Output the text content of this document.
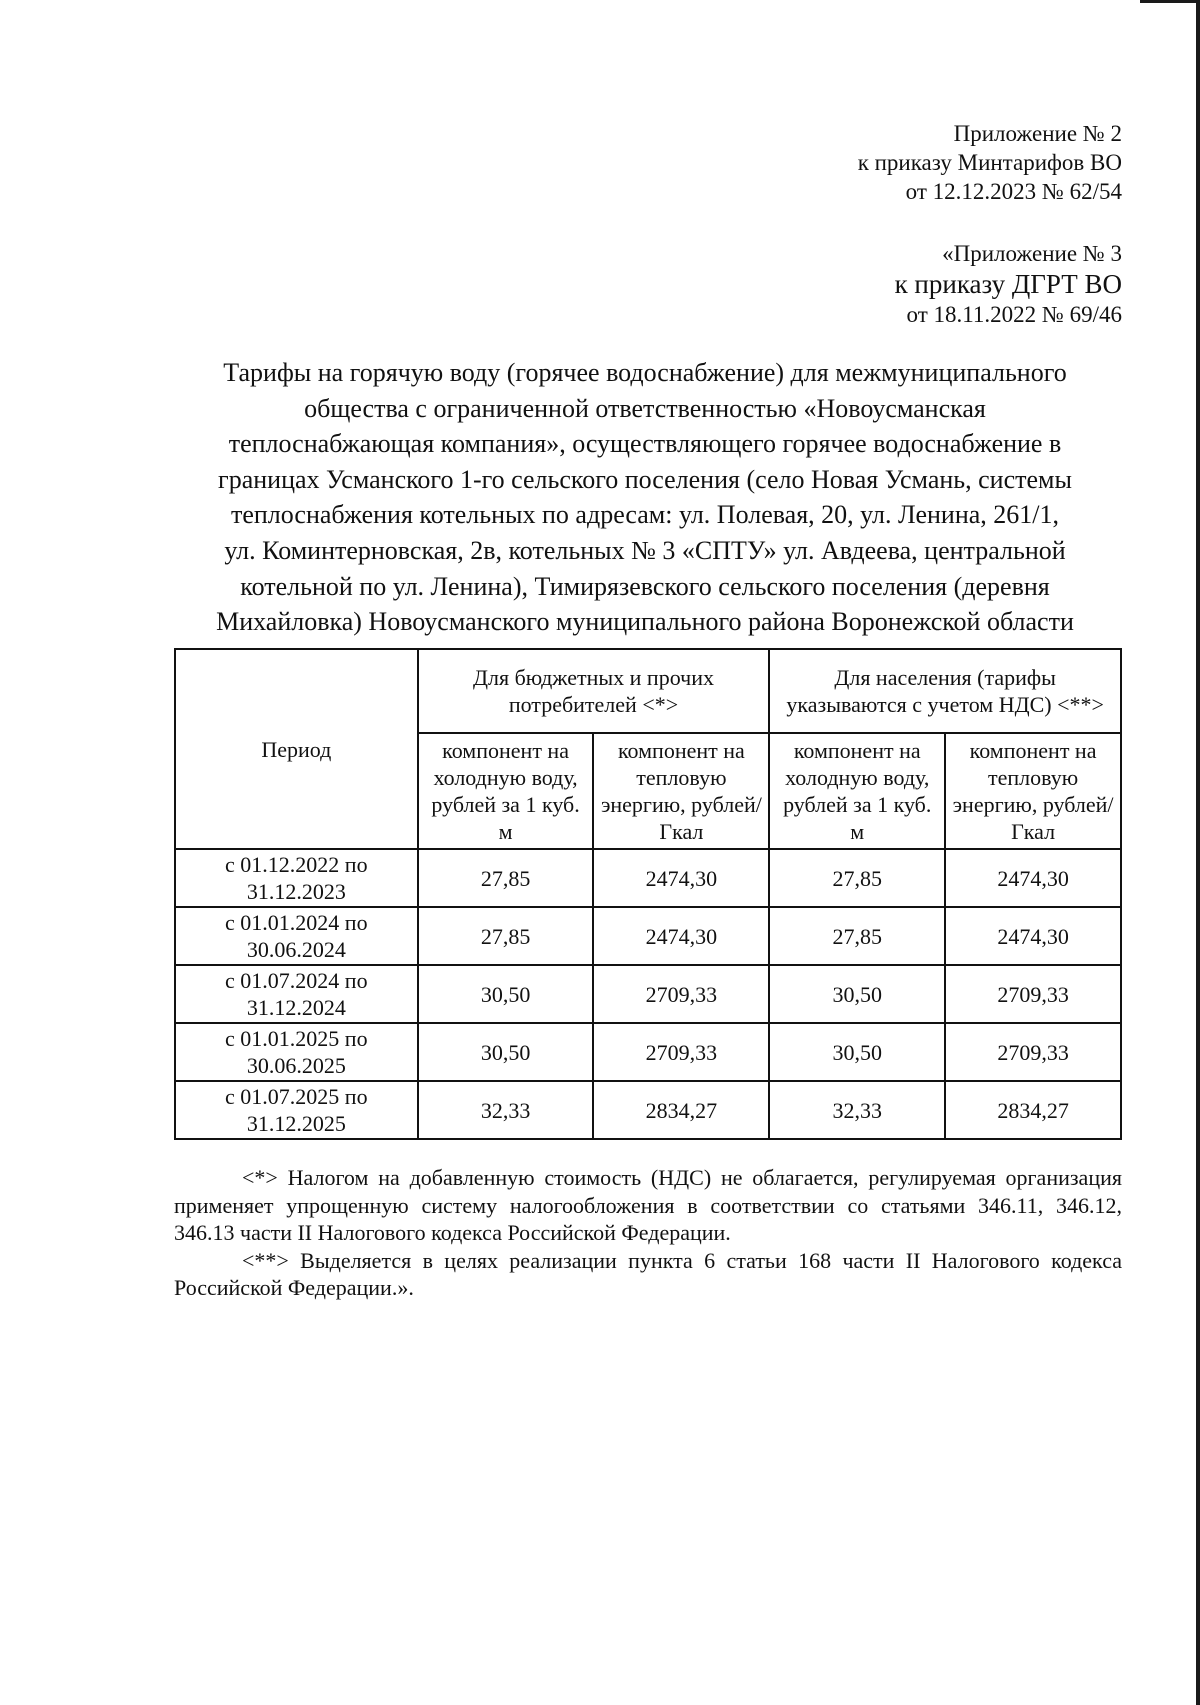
Приложение № 2
к приказу Минтарифов ВО
от 12.12.2023 № 62/54
«Приложение № 3
к приказу ДГРТ ВО
от 18.11.2022 № 69/46
Тарифы на горячую воду (горячее водоснабжение) для межмуниципального
общества с ограниченной ответственностью «Новоусманская
теплоснабжающая компания», осуществляющего горячее водоснабжение в
границах Усманского 1-го сельского поселения (село Новая Усмань, системы
теплоснабжения котельных по адресам: ул. Полевая, 20, ул. Ленина, 261/1,
ул. Коминтерновская, 2в, котельных № 3 «СПТУ» ул. Авдеева, центральной
котельной по ул. Ленина), Тимирязевского сельского поселения (деревня
Михайловка) Новоусманского муниципального района Воронежской области
Период	Для бюджетных и прочих потребителей <*>		Для населения (тарифы указываются с учетом НДС) <**>	
	компонент на холодную воду, рублей за 1 куб. м	компонент на тепловую энергию, рублей/Гкал	компонент на холодную воду, рублей за 1 куб. м	компонент на тепловую энергию, рублей/Гкал
с 01.12.2022 по 31.12.2023	27,85	2474,30	27,85	2474,30
с 01.01.2024 по 30.06.2024	27,85	2474,30	27,85	2474,30
с 01.07.2024 по 31.12.2024	30,50	2709,33	30,50	2709,33
с 01.01.2025 по 30.06.2025	30,50	2709,33	30,50	2709,33
с 01.07.2025 по 31.12.2025	32,33	2834,27	32,33	2834,27

<*> Налогом на добавленную стоимость (НДС) не облагается, регулируемая организация применяет упрощенную систему налогообложения в соответствии со статьями 346.11, 346.12, 346.13 части II Налогового кодекса Российской Федерации.

<**> Выделяется в целях реализации пункта 6 статьи 168 части II Налогового кодекса Российской Федерации.».
